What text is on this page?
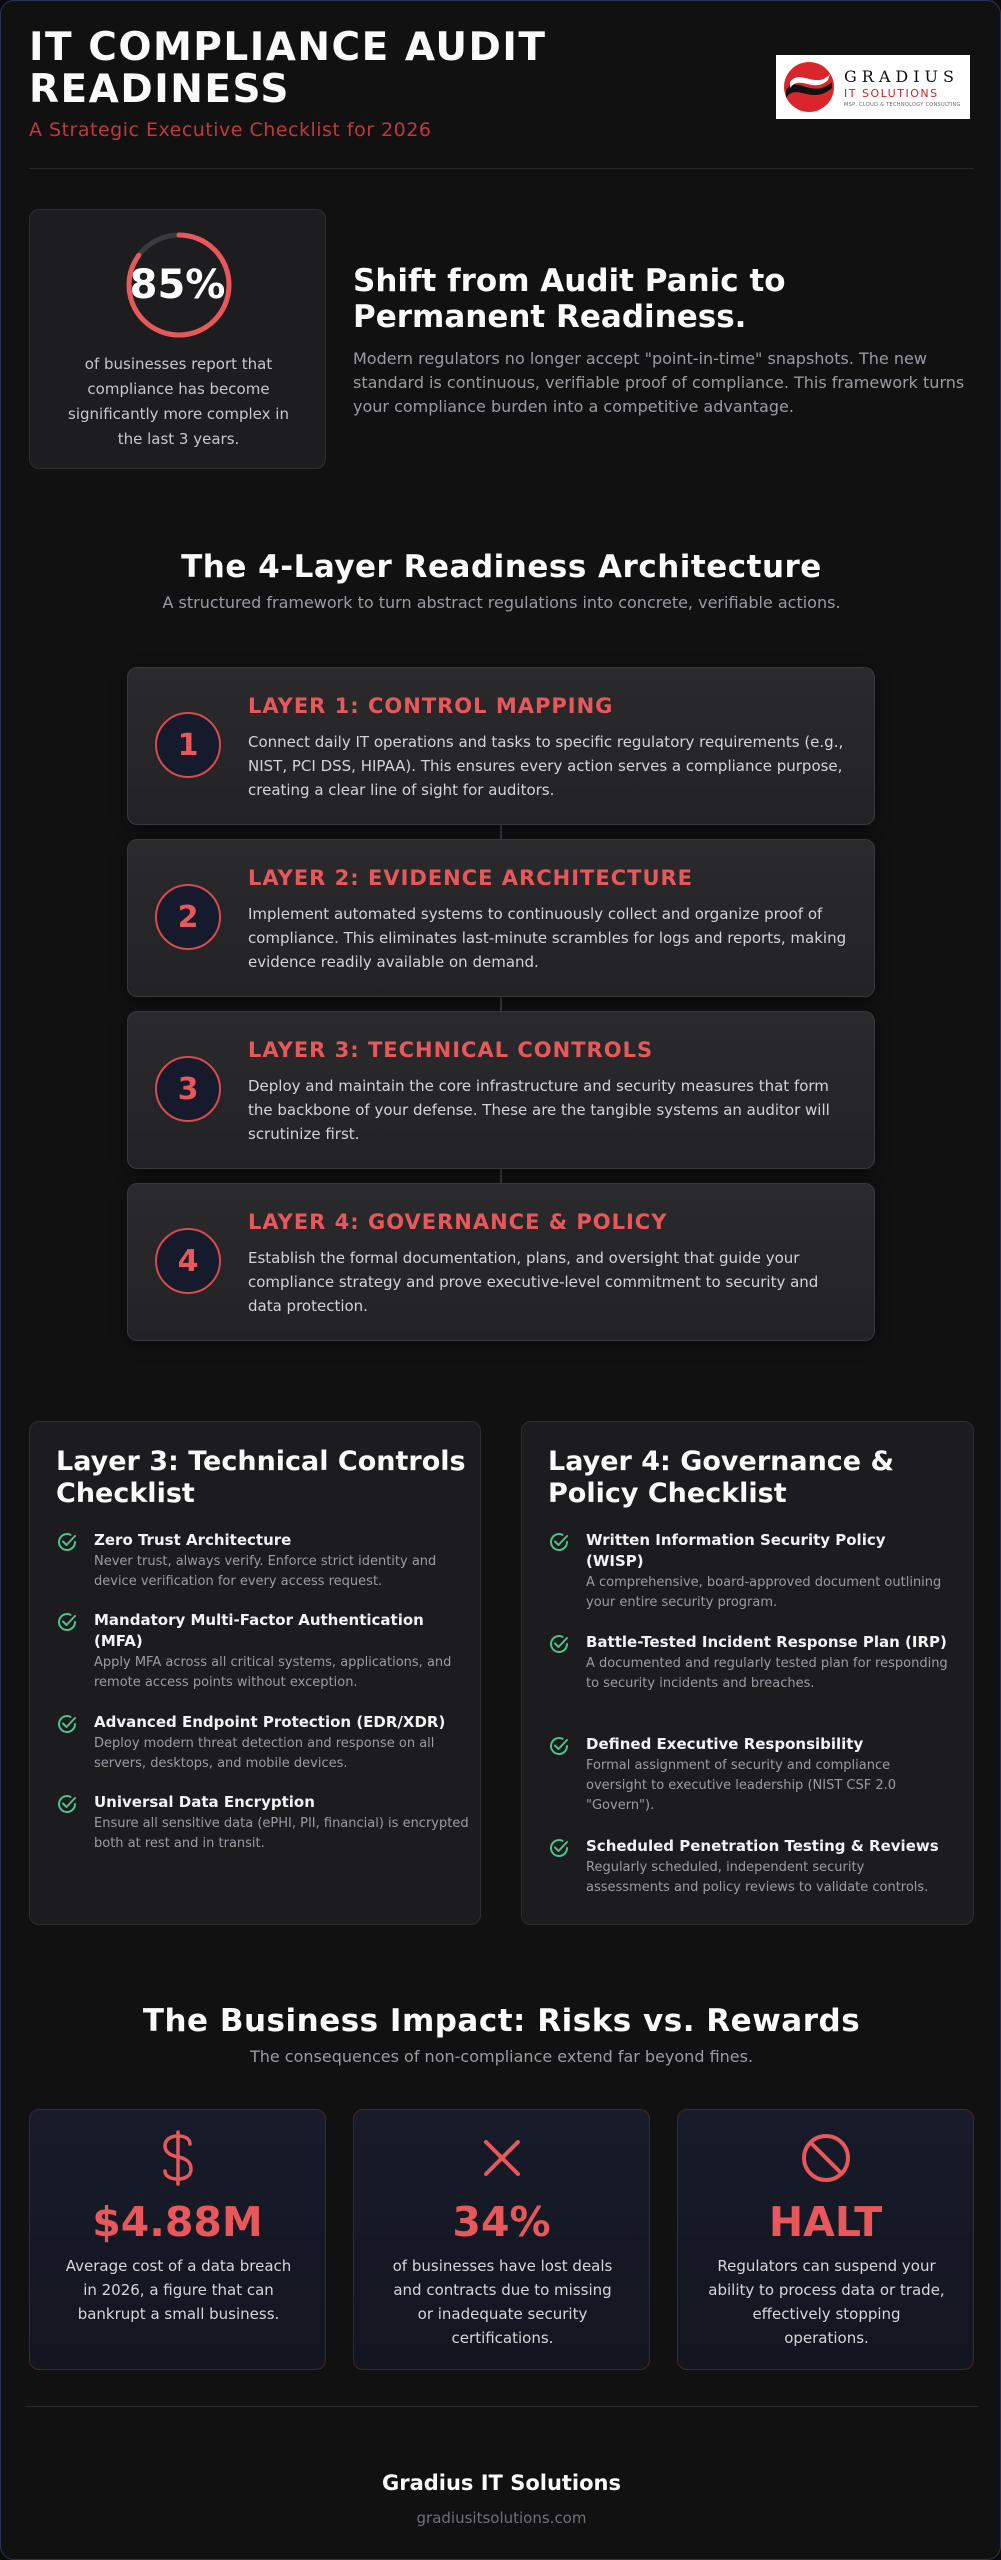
IT COMPLIANCE AUDIT READINESS
A Strategic Executive Checklist for 2026
GRADIUS
IT SOLUTIONS
MSP, CLOUD & TECHNOLOGY CONSULTING
85%
of businesses report that compliance has become significantly more complex in the last 3 years.
Shift from Audit Panic to Permanent Readiness.
Modern regulators no longer accept "point-in-time" snapshots. The new standard is continuous, verifiable proof of compliance. This framework turns your compliance burden into a competitive advantage.
The 4-Layer Readiness Architecture
A structured framework to turn abstract regulations into concrete, verifiable actions.
1
LAYER 1: CONTROL MAPPING
Connect daily IT operations and tasks to specific regulatory requirements (e.g., NIST, PCI DSS, HIPAA). This ensures every action serves a compliance purpose, creating a clear line of sight for auditors.
2
LAYER 2: EVIDENCE ARCHITECTURE
Implement automated systems to continuously collect and organize proof of compliance. This eliminates last-minute scrambles for logs and reports, making evidence readily available on demand.
3
LAYER 3: TECHNICAL CONTROLS
Deploy and maintain the core infrastructure and security measures that form the backbone of your defense. These are the tangible systems an auditor will scrutinize first.
4
LAYER 4: GOVERNANCE & POLICY
Establish the formal documentation, plans, and oversight that guide your compliance strategy and prove executive-level commitment to security and data protection.
Layer 3: Technical Controls Checklist
Zero Trust Architecture
Never trust, always verify. Enforce strict identity and device verification for every access request.
Mandatory Multi-Factor Authentication (MFA)
Apply MFA across all critical systems, applications, and remote access points without exception.
Advanced Endpoint Protection (EDR/XDR)
Deploy modern threat detection and response on all servers, desktops, and mobile devices.
Universal Data Encryption
Ensure all sensitive data (ePHI, PII, financial) is encrypted both at rest and in transit.
Layer 4: Governance & Policy Checklist
Written Information Security Policy (WISP)
A comprehensive, board-approved document outlining your entire security program.
Battle-Tested Incident Response Plan (IRP)
A documented and regularly tested plan for responding to security incidents and breaches.
Defined Executive Responsibility
Formal assignment of security and compliance oversight to executive leadership (NIST CSF 2.0 "Govern").
Scheduled Penetration Testing & Reviews
Regularly scheduled, independent security assessments and policy reviews to validate controls.
The Business Impact: Risks vs. Rewards
The consequences of non-compliance extend far beyond fines.
$4.88M
Average cost of a data breach in 2026, a figure that can bankrupt a small business.
34%
of businesses have lost deals and contracts due to missing or inadequate security certifications.
HALT
Regulators can suspend your ability to process data or trade, effectively stopping operations.
Gradius IT Solutions
gradiusitsolutions.com
